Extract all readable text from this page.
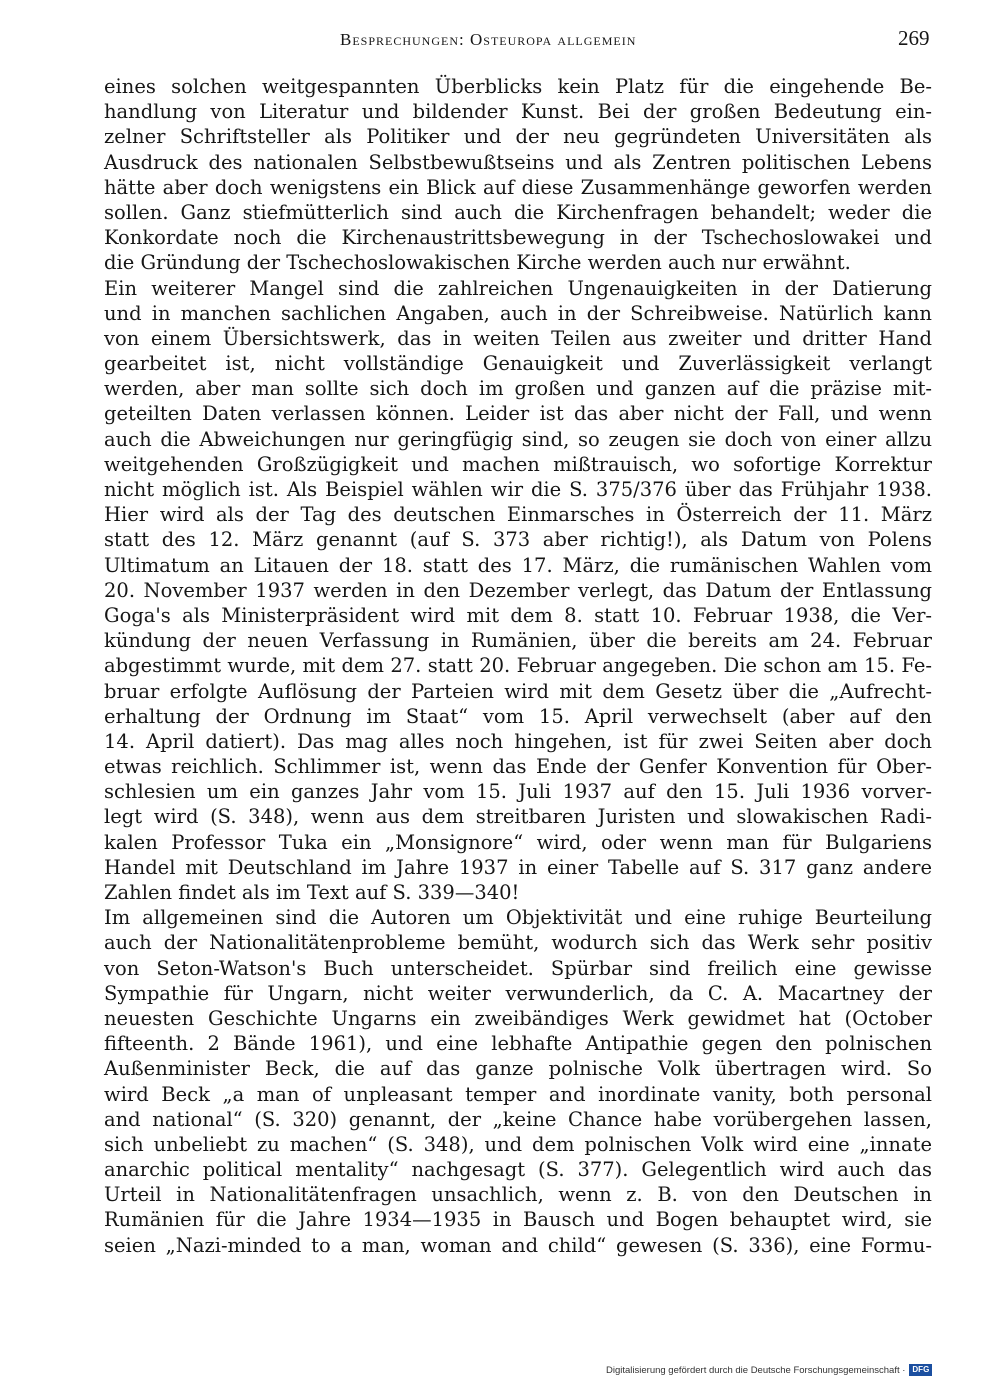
Besprechungen: Osteuropa allgemein	269
eines solchen weitgespannten Überblicks kein Platz für die eingehende Be-
handlung von Literatur und bildender Kunst. Bei der großen Bedeutung ein-
zelner Schriftsteller als Politiker und der neu gegründeten Universitäten als
Ausdruck des nationalen Selbstbewußtseins und als Zentren politischen Lebens
hätte aber doch wenigstens ein Blick auf diese Zusammenhänge geworfen werden
sollen. Ganz stiefmütterlich sind auch die Kirchenfragen behandelt; weder die
Konkordate noch die Kirchenaustrittsbewegung in der Tschechoslowakei und
die Gründung der Tschechoslowakischen Kirche werden auch nur erwähnt.
Ein weiterer Mangel sind die zahlreichen Ungenauigkeiten in der Datierung
und in manchen sachlichen Angaben, auch in der Schreibweise. Natürlich kann
von einem Übersichtswerk, das in weiten Teilen aus zweiter und dritter Hand
gearbeitet ist, nicht vollständige Genauigkeit und Zuverlässigkeit verlangt
werden, aber man sollte sich doch im großen und ganzen auf die präzise mit-
geteilten Daten verlassen können. Leider ist das aber nicht der Fall, und wenn
auch die Abweichungen nur geringfügig sind, so zeugen sie doch von einer allzu
weitgehenden Großzügigkeit und machen mißtrauisch, wo sofortige Korrektur
nicht möglich ist. Als Beispiel wählen wir die S. 375/376 über das Frühjahr 1938.
Hier wird als der Tag des deutschen Einmarsches in Österreich der 11. März
statt des 12. März genannt (auf S. 373 aber richtig!), als Datum von Polens
Ultimatum an Litauen der 18. statt des 17. März, die rumänischen Wahlen vom
20. November 1937 werden in den Dezember verlegt, das Datum der Entlassung
Goga's als Ministerpräsident wird mit dem 8. statt 10. Februar 1938, die Ver-
kündung der neuen Verfassung in Rumänien, über die bereits am 24. Februar
abgestimmt wurde, mit dem 27. statt 20. Februar angegeben. Die schon am 15. Fe-
bruar erfolgte Auflösung der Parteien wird mit dem Gesetz über die „Aufrecht-
erhaltung der Ordnung im Staat“ vom 15. April verwechselt (aber auf den
14. April datiert). Das mag alles noch hingehen, ist für zwei Seiten aber doch
etwas reichlich. Schlimmer ist, wenn das Ende der Genfer Konvention für Ober-
schlesien um ein ganzes Jahr vom 15. Juli 1937 auf den 15. Juli 1936 vorver-
legt wird (S. 348), wenn aus dem streitbaren Juristen und slowakischen Radi-
kalen Professor Tuka ein „Monsignore“ wird, oder wenn man für Bulgariens
Handel mit Deutschland im Jahre 1937 in einer Tabelle auf S. 317 ganz andere
Zahlen findet als im Text auf S. 339—340!
Im allgemeinen sind die Autoren um Objektivität und eine ruhige Beurteilung
auch der Nationalitätenprobleme bemüht, wodurch sich das Werk sehr positiv
von Seton-Watson's Buch unterscheidet. Spürbar sind freilich eine gewisse
Sympathie für Ungarn, nicht weiter verwunderlich, da C. A. Macartney der
neuesten Geschichte Ungarns ein zweibändiges Werk gewidmet hat (October
fifteenth. 2 Bände 1961), und eine lebhafte Antipathie gegen den polnischen
Außenminister Beck, die auf das ganze polnische Volk übertragen wird. So
wird Beck „a man of unpleasant temper and inordinate vanity, both personal
and national“ (S. 320) genannt, der „keine Chance habe vorübergehen lassen,
sich unbeliebt zu machen“ (S. 348), und dem polnischen Volk wird eine „innate
anarchic political mentality“ nachgesagt (S. 377). Gelegentlich wird auch das
Urteil in Nationalitätenfragen unsachlich, wenn z. B. von den Deutschen in
Rumänien für die Jahre 1934—1935 in Bausch und Bogen behauptet wird, sie
seien „Nazi-minded to a man, woman and child“ gewesen (S. 336), eine Formu-
Digitalisierung gefördert durch die Deutsche Forschungsgemeinschaft · DFG
